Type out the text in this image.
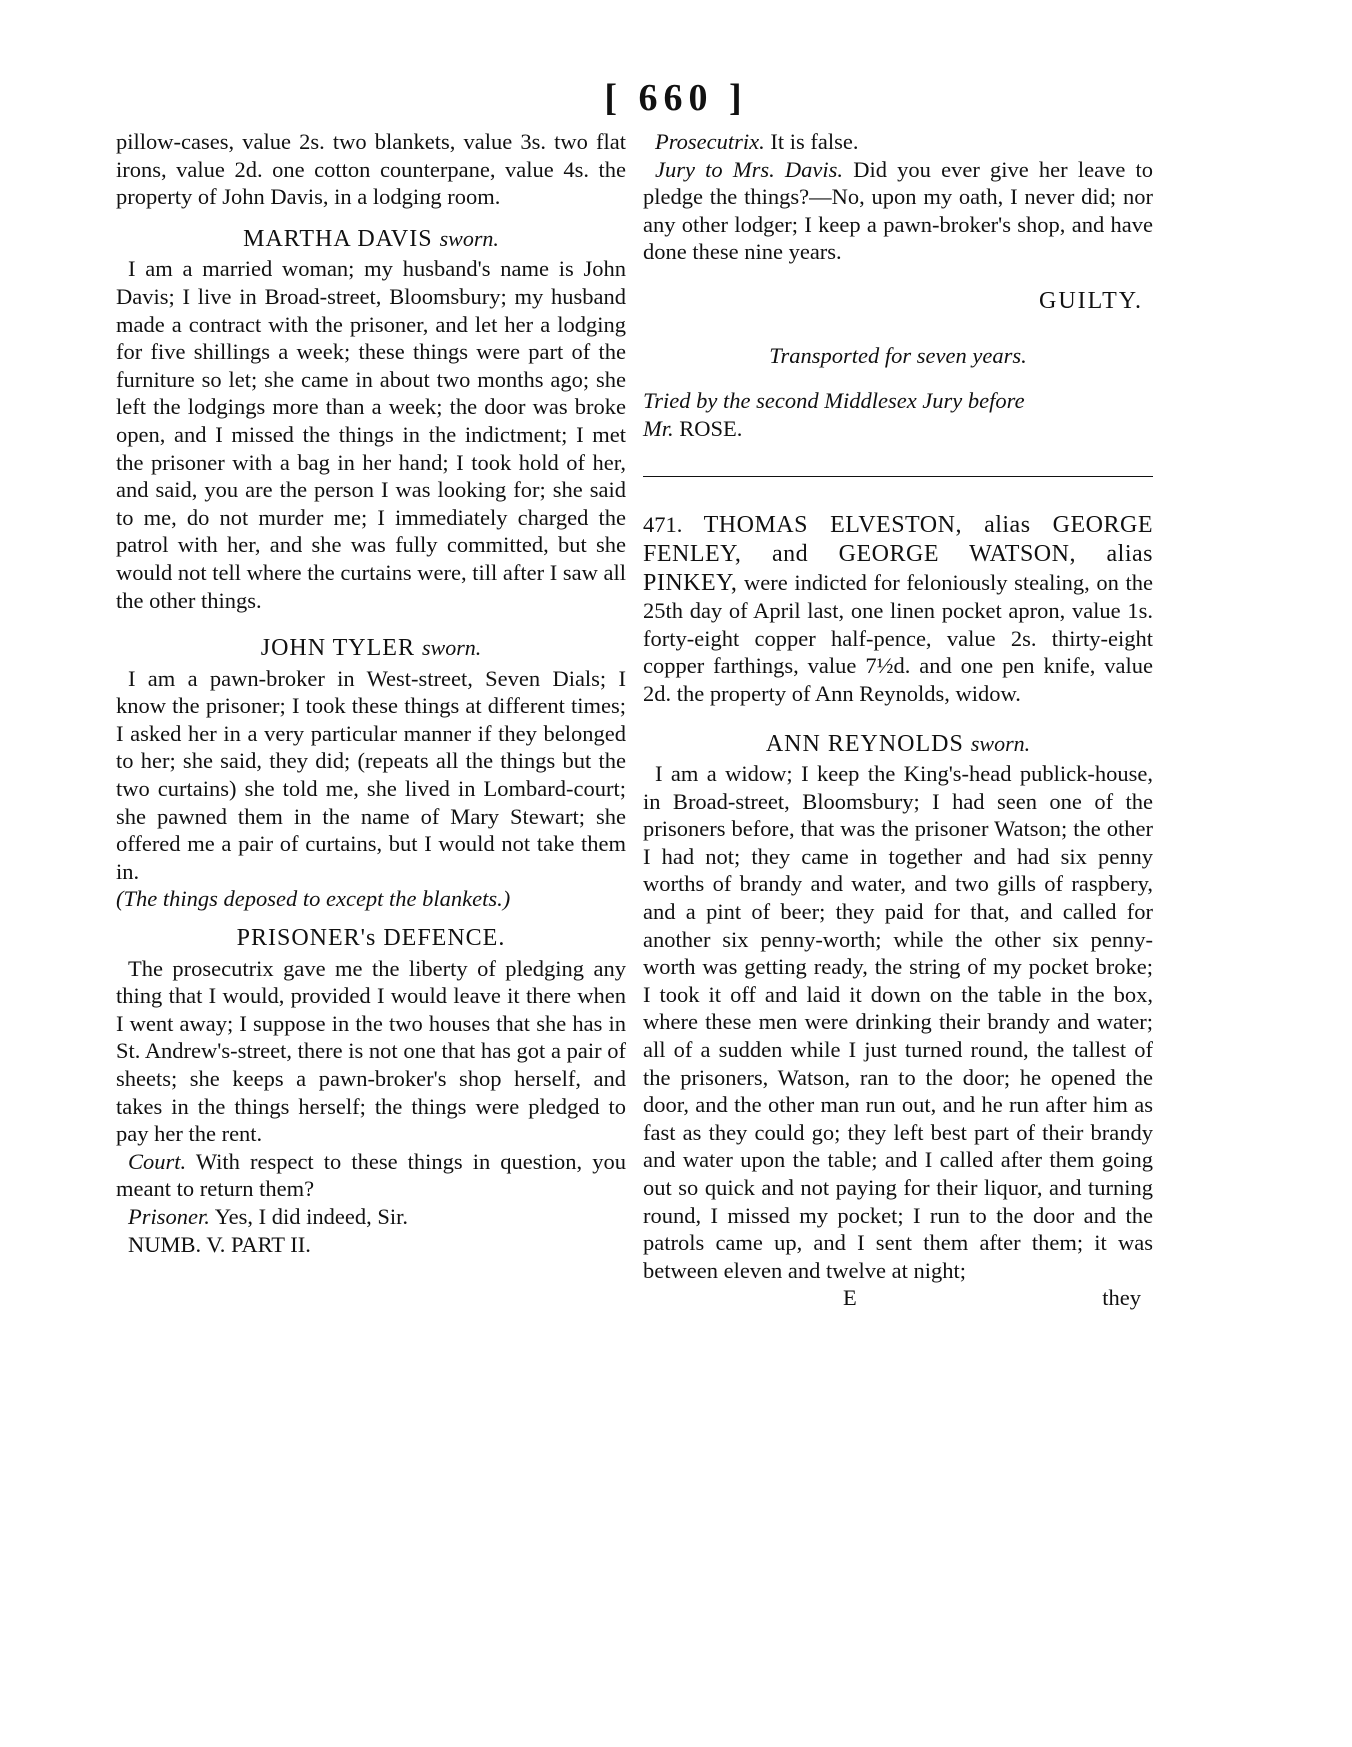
[ 660 ]

pillow-cases, value 2s. two blankets, value 3s. two flat irons, value 2d. one cotton counterpane, value 4s. the property of John Davis, in a lodging room.

MARTHA DAVIS sworn.

I am a married woman; my husband's name is John Davis; I live in Broad-street, Bloomsbury; my husband made a contract with the prisoner, and let her a lodging for five shillings a week; these things were part of the furniture so let; she came in about two months ago; she left the lodgings more than a week; the door was broke open, and I missed the things in the indictment; I met the prisoner with a bag in her hand; I took hold of her, and said, you are the person I was looking for; she said to me, do not murder me; I immediately charged the patrol with her, and she was fully committed, but she would not tell where the curtains were, till after I saw all the other things.

JOHN TYLER sworn.

I am a pawn-broker in West-street, Seven Dials; I know the prisoner; I took these things at different times; I asked her in a very particular manner if they belonged to her; she said, they did; (repeats all the things but the two curtains) she told me, she lived in Lombard-court; she pawned them in the name of Mary Stewart; she offered me a pair of curtains, but I would not take them in.

(The things deposed to except the blankets.)

PRISONER's DEFENCE.

The prosecutrix gave me the liberty of pledging any thing that I would, provided I would leave it there when I went away; I suppose in the two houses that she has in St. Andrew's-street, there is not one that has got a pair of sheets; she keeps a pawn-broker's shop herself, and takes in the things herself; the things were pledged to pay her the rent.

Court. With respect to these things in question, you meant to return them?

Prisoner. Yes, I did indeed, Sir.

NUMB. V. PART II.

Prosecutrix. It is false.

Jury to Mrs. Davis. Did you ever give her leave to pledge the things?—No, upon my oath, I never did; nor any other lodger; I keep a pawn-broker's shop, and have done these nine years.

GUILTY.
Transported for seven years.

Tried by the second Middlesex Jury before
Mr. ROSE.

471. THOMAS ELVESTON, alias GEORGE FENLEY, and GEORGE WATSON, alias PINKEY, were indicted for feloniously stealing, on the 25th day of April last, one linen pocket apron, value 1s. forty-eight copper half-pence, value 2s. thirty-eight copper farthings, value 7½d. and one pen knife, value 2d. the property of Ann Reynolds, widow.

ANN REYNOLDS sworn.

I am a widow; I keep the King's-head publick-house, in Broad-street, Bloomsbury; I had seen one of the prisoners before, that was the prisoner Watson; the other I had not; they came in together and had six penny worths of brandy and water, and two gills of raspbery, and a pint of beer; they paid for that, and called for another six penny-worth; while the other six penny-worth was getting ready, the string of my pocket broke; I took it off and laid it down on the table in the box, where these men were drinking their brandy and water; all of a sudden while I just turned round, the tallest of the prisoners, Watson, ran to the door; he opened the door, and the other man run out, and he run after him as fast as they could go; they left best part of their brandy and water upon the table; and I called after them going out so quick and not paying for their liquor, and turning round, I missed my pocket; I run to the door and the patrols came up, and I sent them after them; it was between eleven and twelve at night;

E	they
